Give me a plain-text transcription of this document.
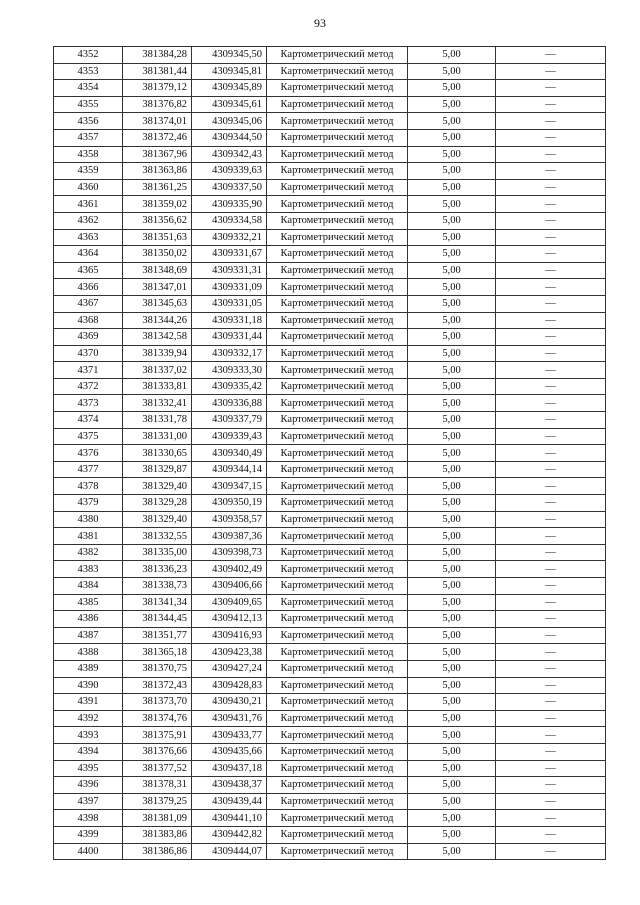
93
4352	381384,28	4309345,50	Картометрический метод	5,00	—
4353	381381,44	4309345,81	Картометрический метод	5,00	—
4354	381379,12	4309345,89	Картометрический метод	5,00	—
4355	381376,82	4309345,61	Картометрический метод	5,00	—
4356	381374,01	4309345,06	Картометрический метод	5,00	—
4357	381372,46	4309344,50	Картометрический метод	5,00	—
4358	381367,96	4309342,43	Картометрический метод	5,00	—
4359	381363,86	4309339,63	Картометрический метод	5,00	—
4360	381361,25	4309337,50	Картометрический метод	5,00	—
4361	381359,02	4309335,90	Картометрический метод	5,00	—
4362	381356,62	4309334,58	Картометрический метод	5,00	—
4363	381351,63	4309332,21	Картометрический метод	5,00	—
4364	381350,02	4309331,67	Картометрический метод	5,00	—
4365	381348,69	4309331,31	Картометрический метод	5,00	—
4366	381347,01	4309331,09	Картометрический метод	5,00	—
4367	381345,63	4309331,05	Картометрический метод	5,00	—
4368	381344,26	4309331,18	Картометрический метод	5,00	—
4369	381342,58	4309331,44	Картометрический метод	5,00	—
4370	381339,94	4309332,17	Картометрический метод	5,00	—
4371	381337,02	4309333,30	Картометрический метод	5,00	—
4372	381333,81	4309335,42	Картометрический метод	5,00	—
4373	381332,41	4309336,88	Картометрический метод	5,00	—
4374	381331,78	4309337,79	Картометрический метод	5,00	—
4375	381331,00	4309339,43	Картометрический метод	5,00	—
4376	381330,65	4309340,49	Картометрический метод	5,00	—
4377	381329,87	4309344,14	Картометрический метод	5,00	—
4378	381329,40	4309347,15	Картометрический метод	5,00	—
4379	381329,28	4309350,19	Картометрический метод	5,00	—
4380	381329,40	4309358,57	Картометрический метод	5,00	—
4381	381332,55	4309387,36	Картометрический метод	5,00	—
4382	381335,00	4309398,73	Картометрический метод	5,00	—
4383	381336,23	4309402,49	Картометрический метод	5,00	—
4384	381338,73	4309406,66	Картометрический метод	5,00	—
4385	381341,34	4309409,65	Картометрический метод	5,00	—
4386	381344,45	4309412,13	Картометрический метод	5,00	—
4387	381351,77	4309416,93	Картометрический метод	5,00	—
4388	381365,18	4309423,38	Картометрический метод	5,00	—
4389	381370,75	4309427,24	Картометрический метод	5,00	—
4390	381372,43	4309428,83	Картометрический метод	5,00	—
4391	381373,70	4309430,21	Картометрический метод	5,00	—
4392	381374,76	4309431,76	Картометрический метод	5,00	—
4393	381375,91	4309433,77	Картометрический метод	5,00	—
4394	381376,66	4309435,66	Картометрический метод	5,00	—
4395	381377,52	4309437,18	Картометрический метод	5,00	—
4396	381378,31	4309438,37	Картометрический метод	5,00	—
4397	381379,25	4309439,44	Картометрический метод	5,00	—
4398	381381,09	4309441,10	Картометрический метод	5,00	—
4399	381383,86	4309442,82	Картометрический метод	5,00	—
4400	381386,86	4309444,07	Картометрический метод	5,00	—
